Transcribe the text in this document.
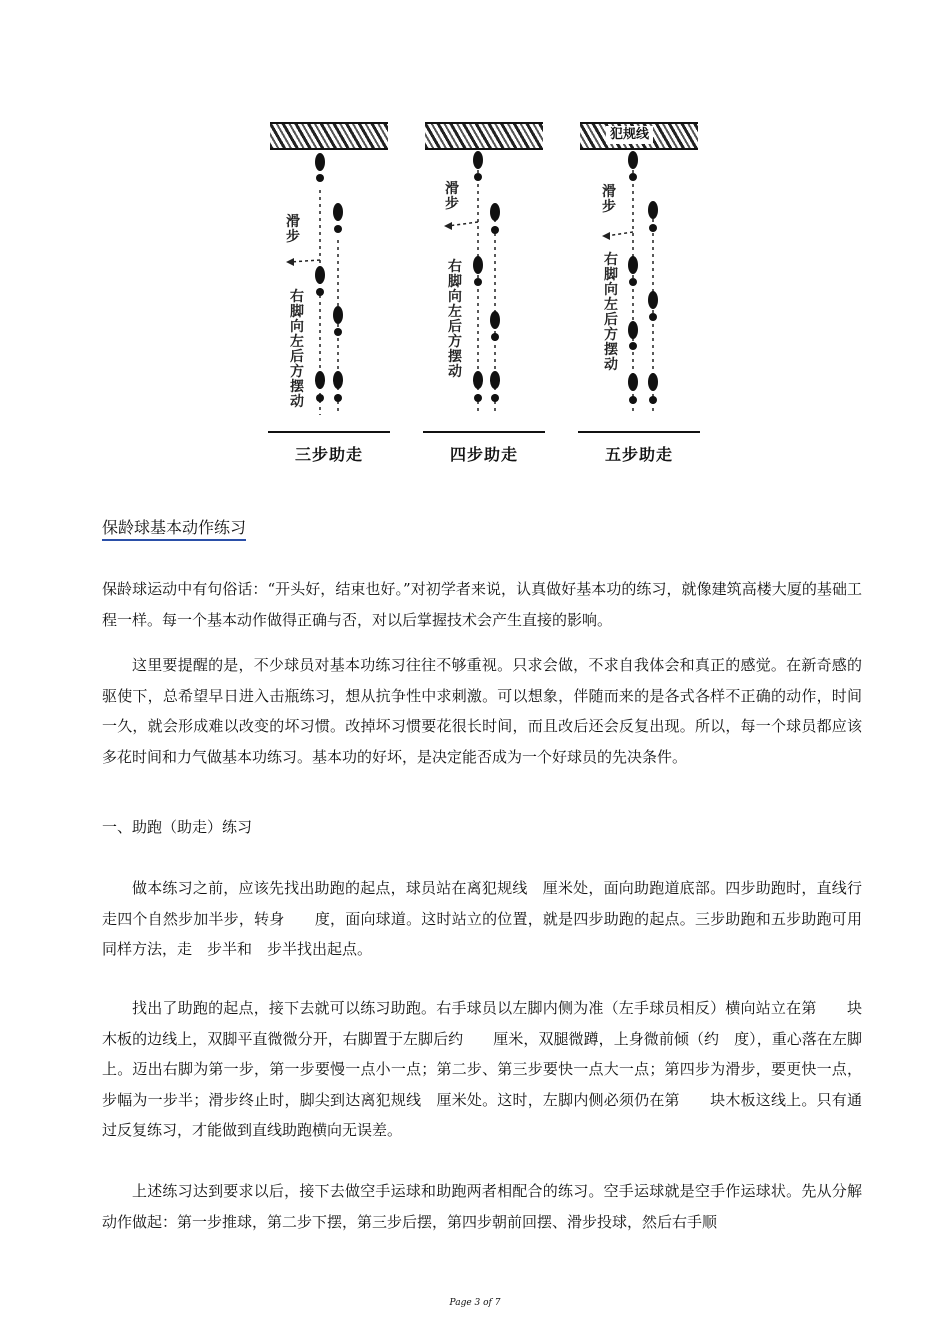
滑步
右脚向左后方摆动
三步助走
滑步
右脚向左后方摆动
四步助走
犯规线
滑步
右脚向左后方摆动
五步助走
保龄球基本动作练习

保龄球运动中有句俗话：“开头好，结束也好。”对初学者来说，认真做好基本功的练习，就像建筑高楼大厦的基础工程一样。每一个基本动作做得正确与否，对以后掌握技术会产生直接的影响。

这里要提醒的是，不少球员对基本功练习往往不够重视。只求会做，不求自我体会和真正的感觉。在新奇感的驱使下，总希望早日进入击瓶练习，想从抗争性中求刺激。可以想象，伴随而来的是各式各样不正确的动作，时间一久，就会形成难以改变的坏习惯。改掉坏习惯要花很长时间，而且改后还会反复出现。所以，每一个球员都应该多花时间和力气做基本功练习。基本功的好坏，是决定能否成为一个好球员的先决条件。

一、助跑（助走）练习

做本练习之前，应该先找出助跑的起点，球员站在离犯规线　厘米处，面向助跑道底部。四步助跑时，直线行走四个自然步加半步，转身　　度，面向球道。这时站立的位置，就是四步助跑的起点。三步助跑和五步助跑可用同样方法，走　步半和　步半找出起点。

找出了助跑的起点，接下去就可以练习助跑。右手球员以左脚内侧为准（左手球员相反）横向站立在第　　块木板的边线上，双脚平直微微分开，右脚置于左脚后约　　厘米，双腿微蹲，上身微前倾（约　度），重心落在左脚上。迈出右脚为第一步，第一步要慢一点小一点；第二步、第三步要快一点大一点；第四步为滑步，要更快一点，步幅为一步半；滑步终止时，脚尖到达离犯规线　厘米处。这时，左脚内侧必须仍在第　　块木板这线上。只有通过反复练习，才能做到直线助跑横向无误差。

上述练习达到要求以后，接下去做空手运球和助跑两者相配合的练习。空手运球就是空手作运球状。先从分解动作做起：第一步推球，第二步下摆，第三步后摆，第四步朝前回摆、滑步投球，然后右手顺

Page 3 of 7
